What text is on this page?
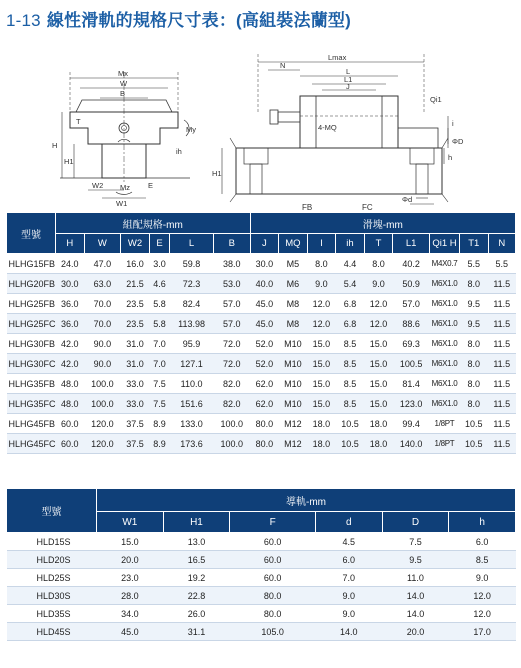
1-13 線性滑軌的規格尺寸表：(高組裝法蘭型)
Mx
W
B
H
T
H1
W2	E
W1
My
ih
Mz
Lmax
N
L
L1
J
4-MQ
Qi1
i
H1
ΦD
Φd
h
FB	FC
型號	組配規格-mm						滑塊-mm								
	H	W	W2	E	L	B	J	MQ	I	ih	T	L1	Qi1 H	T1	N
HLHG15FB	24.0	47.0	16.0	3.0	59.8	38.0	30.0	M5	8.0	4.4	8.0	40.2	M4X0.7	5.5	5.5
HLHG20FB	30.0	63.0	21.5	4.6	72.3	53.0	40.0	M6	9.0	5.4	9.0	50.9	M6X1.0	8.0	11.5
HLHG25FB	36.0	70.0	23.5	5.8	82.4	57.0	45.0	M8	12.0	6.8	12.0	57.0	M6X1.0	9.5	11.5
HLHG25FC	36.0	70.0	23.5	5.8	113.98	57.0	45.0	M8	12.0	6.8	12.0	88.6	M6X1.0	9.5	11.5
HLHG30FB	42.0	90.0	31.0	7.0	95.9	72.0	52.0	M10	15.0	8.5	15.0	69.3	M6X1.0	8.0	11.5
HLHG30FC	42.0	90.0	31.0	7.0	127.1	72.0	52.0	M10	15.0	8.5	15.0	100.5	M6X1.0	8.0	11.5
HLHG35FB	48.0	100.0	33.0	7.5	110.0	82.0	62.0	M10	15.0	8.5	15.0	81.4	M6X1.0	8.0	11.5
HLHG35FC	48.0	100.0	33.0	7.5	151.6	82.0	62.0	M10	15.0	8.5	15.0	123.0	M6X1.0	8.0	11.5
HLHG45FB	60.0	120.0	37.5	8.9	133.0	100.0	80.0	M12	18.0	10.5	18.0	99.4	1/8PT	10.5	11.5
HLHG45FC	60.0	120.0	37.5	8.9	173.6	100.0	80.0	M12	18.0	10.5	18.0	140.0	1/8PT	10.5	11.5
型號	導軌-mm					
	W1	H1	F	d	D	h
HLD15S	15.0	13.0	60.0	4.5	7.5	6.0
HLD20S	20.0	16.5	60.0	6.0	9.5	8.5
HLD25S	23.0	19.2	60.0	7.0	11.0	9.0
HLD30S	28.0	22.8	80.0	9.0	14.0	12.0
HLD35S	34.0	26.0	80.0	9.0	14.0	12.0
HLD45S	45.0	31.1	105.0	14.0	20.0	17.0
